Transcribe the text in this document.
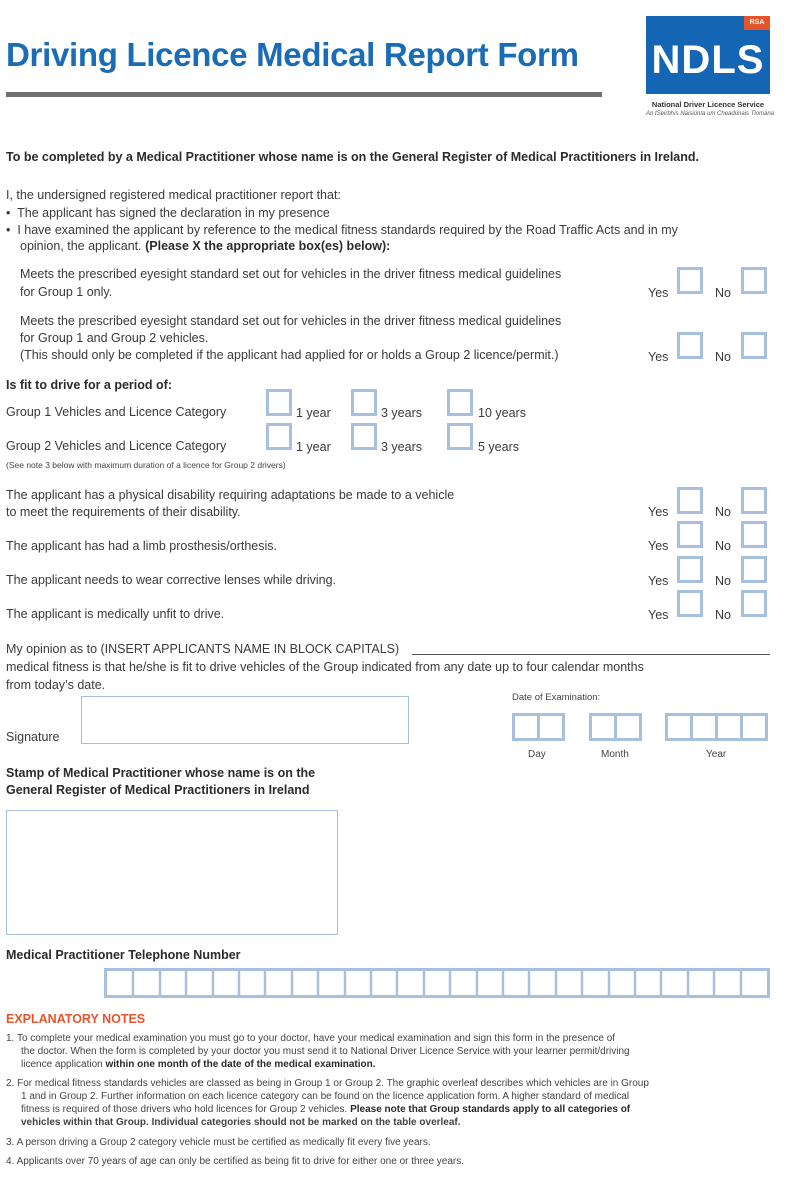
Driving Licence Medical Report Form
RSA
NDLS
National Driver Licence Service
An tSeirbhís Náisiúnta um Cheadúnais Tiomána
To be completed by a Medical Practitioner whose name is on the General Register of Medical Practitioners in Ireland.
I, the undersigned registered medical practitioner report that:
•  The applicant has signed the declaration in my presence
•  I have examined the applicant by reference to the medical fitness standards required by the Road Traffic Acts and in my
opinion, the applicant. (Please X the appropriate box(es) below):
Meets the prescribed eyesight standard set out for vehicles in the driver fitness medical guidelines
for Group 1 only.	Yes	No
Meets the prescribed eyesight standard set out for vehicles in the driver fitness medical guidelines
for Group 1 and Group 2 vehicles.
(This should only be completed if the applicant had applied for or holds a Group 2 licence/permit.)	Yes	No
Is fit to drive for a period of:
Group 1 Vehicles and Licence Category	1 year	3 years	10 years
Group 2 Vehicles and Licence Category	1 year	3 years	5 years
(See note 3 below with maximum duration of a licence for Group 2 drivers)
The applicant has a physical disability requiring adaptations be made to a vehicle
to meet the requirements of their disability.	Yes	No
The applicant has had a limb prosthesis/orthesis.	Yes	No
The applicant needs to wear corrective lenses while driving.	Yes	No
The applicant is medically unfit to drive.	Yes	No
My opinion as to (INSERT APPLICANTS NAME IN BLOCK CAPITALS)
medical fitness is that he/she is fit to drive vehicles of the Group indicated from any date up to four calendar months
from today’s date.
Date of Examination:
Signature
Day	Month	Year
Stamp of Medical Practitioner whose name is on the
General Register of Medical Practitioners in Ireland
Medical Practitioner Telephone Number
EXPLANATORY NOTES
1. To complete your medical examination you must go to your doctor, have your medical examination and sign this form in the presence of
the doctor. When the form is completed by your doctor you must send it to National Driver Licence Service with your learner permit/driving
licence application within one month of the date of the medical examination.
2. For medical fitness standards vehicles are classed as being in Group 1 or Group 2. The graphic overleaf describes which vehicles are in Group
1 and in Group 2. Further information on each licence category can be found on the licence application form. A higher standard of medical
fitness is required of those drivers who hold licences for Group 2 vehicles. Please note that Group standards apply to all categories of
vehicles within that Group. Individual categories should not be marked on the table overleaf.
3. A person driving a Group 2 category vehicle must be certified as medically fit every five years.
4. Applicants over 70 years of age can only be certified as being fit to drive for either one or three years.
